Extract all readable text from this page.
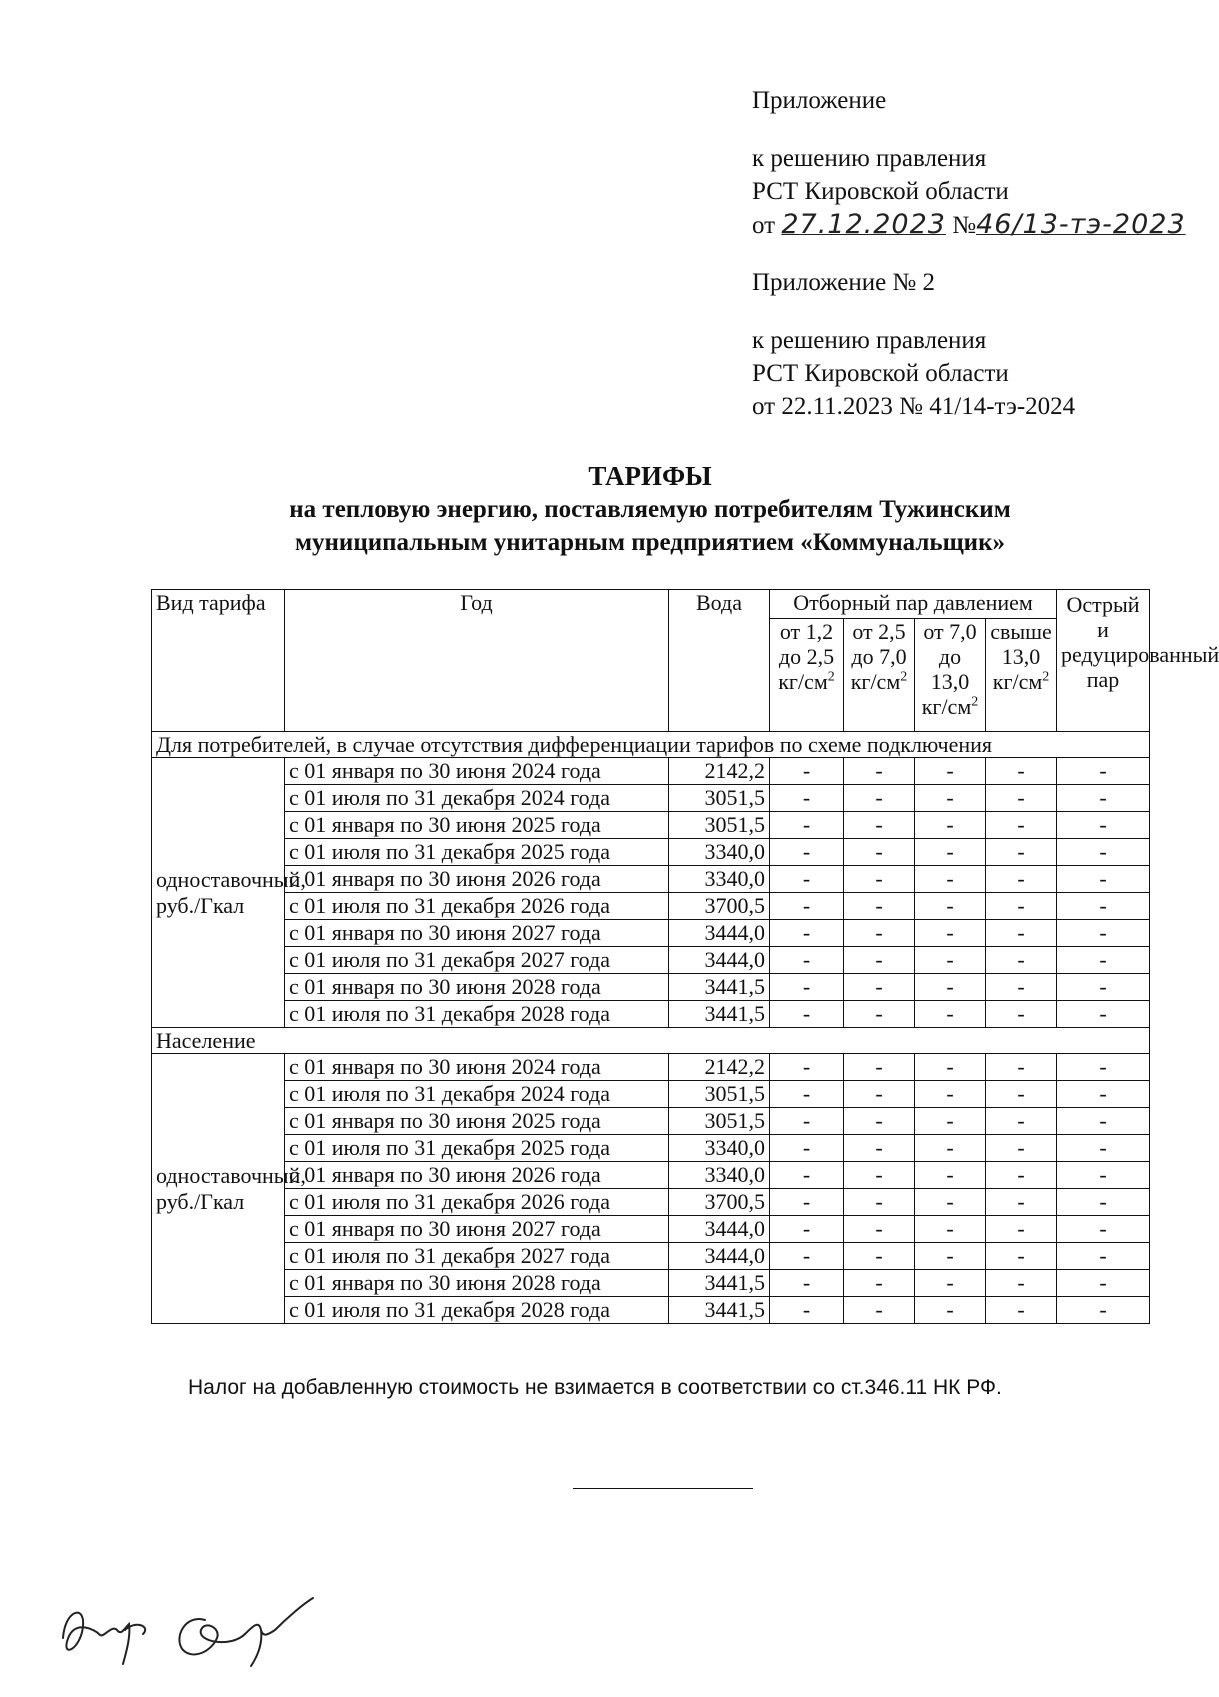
Приложение
к решению правления
РСТ Кировской области
от 27.12.2023 №46/13-тэ-2023
Приложение № 2
к решению правления
РСТ Кировской области
от 22.11.2023 № 41/14-тэ-2024
ТАРИФЫ
на тепловую энергию, поставляемую потребителям Тужинским
муниципальным унитарным предприятием «Коммунальщик»
Вид тарифа	Год	Вода	Отборный пар давлением				Острый и редуцированный пар
			от 1,2 до 2,5 $кг/см^2$	от 2,5 до 7,0 $кг/см^2$	от 7,0 до 13,0 $кг/см^2$	свыше 13,0 $кг/см^2$
Для потребителей, в случае отсутствия дифференциации тарифов по схеме подключения							
одноставочный, руб./Гкал	с 01 января по 30 июня 2024 года	2142,2	-	-	-	-	-
	с 01 июля по 31 декабря 2024 года	3051,5	-	-	-	-	-
	с 01 января по 30 июня 2025 года	3051,5	-	-	-	-	-
	с 01 июля по 31 декабря 2025 года	3340,0	-	-	-	-	-
	с 01 января по 30 июня 2026 года	3340,0	-	-	-	-	-
	с 01 июля по 31 декабря 2026 года	3700,5	-	-	-	-	-
	с 01 января по 30 июня 2027 года	3444,0	-	-	-	-	-
	с 01 июля по 31 декабря 2027 года	3444,0	-	-	-	-	-
	с 01 января по 30 июня 2028 года	3441,5	-	-	-	-	-
	с 01 июля по 31 декабря 2028 года	3441,5	-	-	-	-	-
Население							
одноставочный, руб./Гкал	с 01 января по 30 июня 2024 года	2142,2	-	-	-	-	-
	с 01 июля по 31 декабря 2024 года	3051,5	-	-	-	-	-
	с 01 января по 30 июня 2025 года	3051,5	-	-	-	-	-
	с 01 июля по 31 декабря 2025 года	3340,0	-	-	-	-	-
	с 01 января по 30 июня 2026 года	3340,0	-	-	-	-	-
	с 01 июля по 31 декабря 2026 года	3700,5	-	-	-	-	-
	с 01 января по 30 июня 2027 года	3444,0	-	-	-	-	-
	с 01 июля по 31 декабря 2027 года	3444,0	-	-	-	-	-
	с 01 января по 30 июня 2028 года	3441,5	-	-	-	-	-
	с 01 июля по 31 декабря 2028 года	3441,5	-	-	-	-	-
Налог на добавленную стоимость не взимается в соответствии со ст.346.11 НК РФ.
